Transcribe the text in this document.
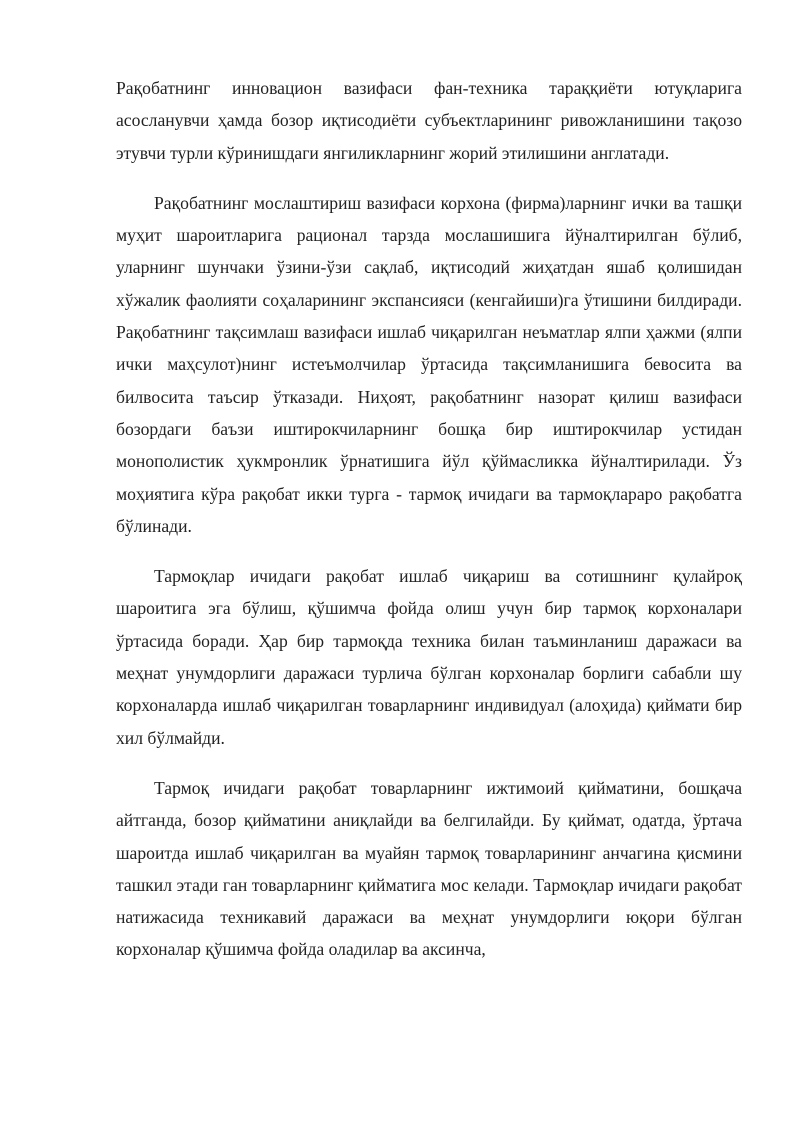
Рақобатнинг инновацион вазифаси фан-техника тараққиёти ютуқларига асосланувчи ҳамда бозор иқтисодиёти субъектларининг ривожланишини тақозо этувчи турли кўринишдаги янгиликларнинг жорий этилишини англатади.

Рақобатнинг мослаштириш вазифаси корхона (фирма)ларнинг ички ва ташқи муҳит шароитларига рационал тарзда мослашишига йўналтирилган бўлиб, уларнинг шунчаки ўзини-ўзи сақлаб, иқтисодий жиҳатдан яшаб қолишидан хўжалик фаолияти соҳаларининг экспансияси (кенгайиши)га ўтишини билдиради. Рақобатнинг тақсимлаш вазифаси ишлаб чиқарилган неъматлар ялпи ҳажми (ялпи ички маҳсулот)нинг истеъмолчилар ўртасида тақсимланишига бевосита ва билвосита таъсир ўтказади. Ниҳоят, рақобатнинг назорат қилиш вазифаси бозордаги баъзи иштирокчиларнинг бошқа бир иштирокчилар устидан монополистик ҳукмронлик ўрнатишига йўл қўймасликка йўналтирилади. Ўз моҳиятига кўра рақобат икки турга - тармоқ ичидаги ва тармоқлараро рақобатга бўлинади.

Тармоқлар ичидаги рақобат ишлаб чиқариш ва сотишнинг қулайроқ шароитига эга бўлиш, қўшимча фойда олиш учун бир тармоқ корхоналари ўртасида боради. Ҳар бир тармоқда техника билан таъминланиш даражаси ва меҳнат унумдорлиги даражаси турлича бўлган корхоналар борлиги сабабли шу корхоналарда ишлаб чиқарилган товарларнинг индивидуал (алоҳида) қиймати бир хил бўлмайди.

Тармоқ ичидаги рақобат товарларнинг ижтимоий қийматини, бошқача айтганда, бозор қийматини аниқлайди ва белгилайди. Бу қиймат, одатда, ўртача шароитда ишлаб чиқарилган ва муайян тармоқ товарларининг анчагина қисмини ташкил этади ган товарларнинг қийматига мос келади. Тармоқлар ичидаги рақобат натижасида техникавий даражаси ва меҳнат унумдорлиги юқори бўлган корхоналар қўшимча фойда оладилар ва аксинча,
